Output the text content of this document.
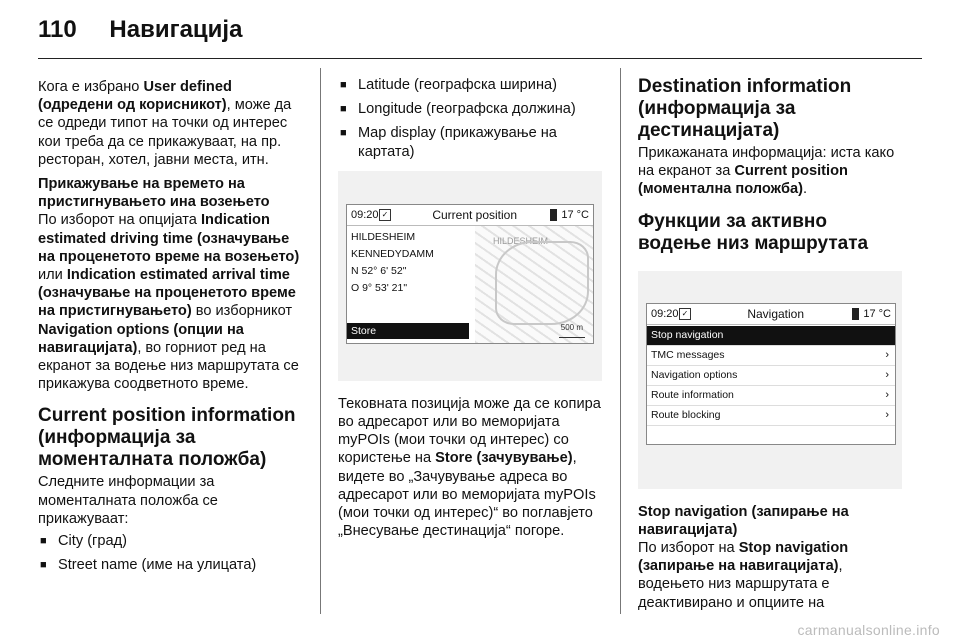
110 Навигација

Кога е избрано User defined (одредени од корисникот), може да се одреди типот на точки од интерес кои треба да се прикажуваат, на пр. ресторан, хотел, јавни места, итн.

Прикажување на времето на пристигнувањето ина возењето

По изборот на опцијата Indication estimated driving time (означување на проценетото време на возењето) или Indication estimated arrival time (означување на проценетото време на пристигнувањето) во изборникот Navigation options (опции на навигацијата), во горниот ред на екранот за водење низ маршрутата се прикажува соодветното време.

Current position information (информација за моменталната положба)

Следните информации за моменталната положба се прикажуваат:

■ City (град)
■ Street name (име на улицата)
■ Latitude (географска ширина)
■ Longitude (географска должина)
■ Map display (прикажување на картата)
09:20 ✓	Current position	17 °C
HILDESHEIM
KENNEDYDAMM
N 52° 6' 52"
O 9° 53' 21"
Store
HILDESHEIM
500 m

Тековната позиција може да се копира во адресарот или во меморијата myPOIs (мои точки од интерес) со користење на Store (зачувување), видете во „Зачувување адреса во адресарот или во меморијата myPOIs (мои точки од интерес)“ во поглавјето „Внесување дестинација“ погоре.

Destination information (информација за дестинацијата)

Прикажаната информација: иста како на екранот за Current position (моментална положба).

Функции за активно водење низ маршрутата
09:20 ✓	Navigation	17 °C
Stop navigation
TMC messages	›
Navigation options	›
Route information	›
Route blocking	›
Stop navigation (запирање на навигацијата)

По изборот на Stop navigation (запирање на навигацијата), водењето низ маршрутата е деактивирано и опциите на

carmanualsonline.info
